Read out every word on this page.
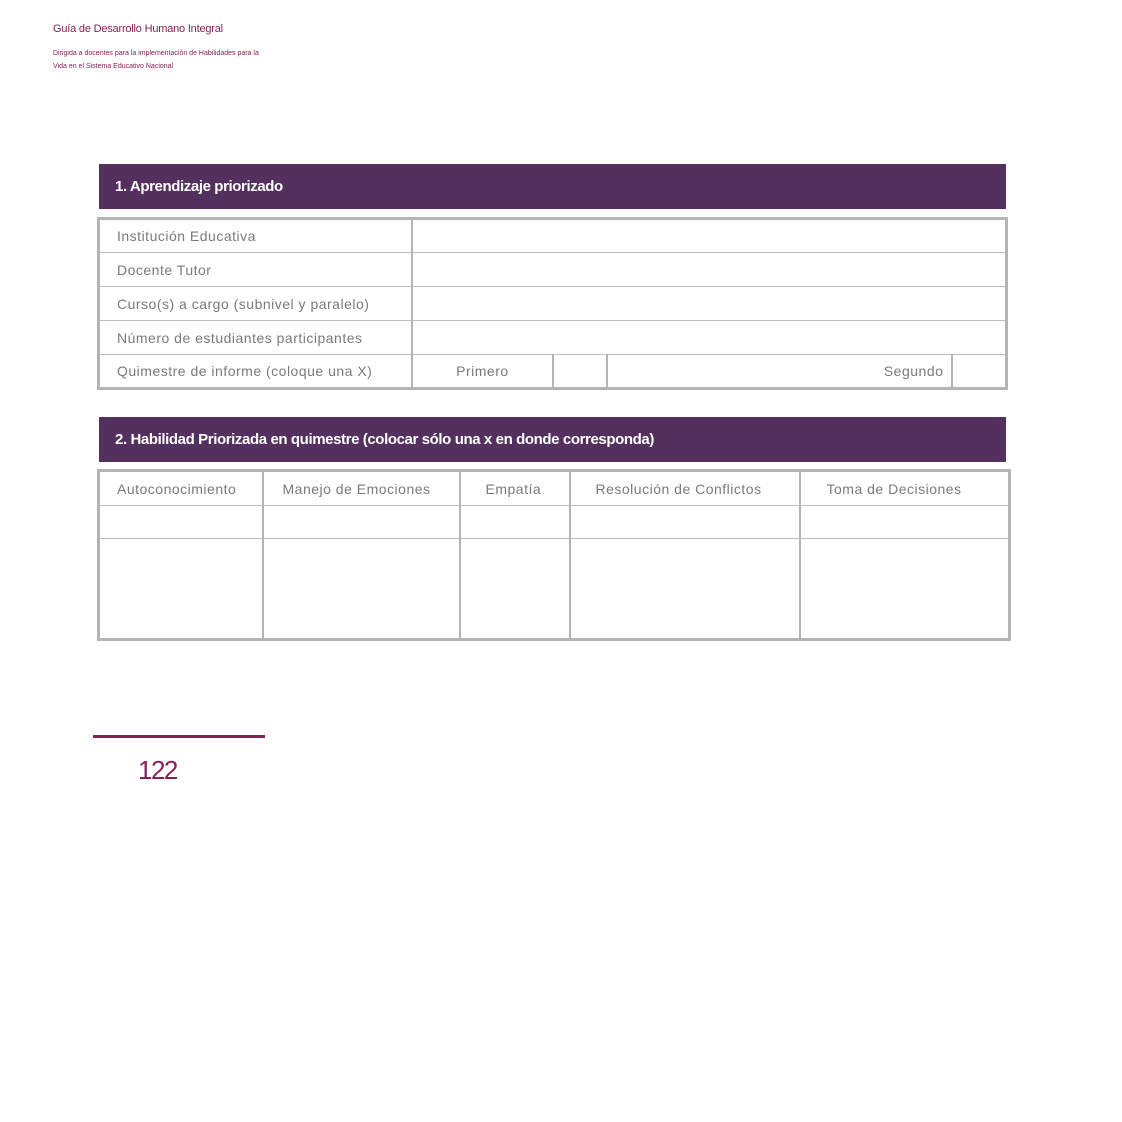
Guía de Desarrollo Humano Integral
Dirigida a docentes para la implementación de Habilidades para la
Vida en el Sistema Educativo Nacional
1. Aprendizaje priorizado
Institución Educativa				
Docente Tutor				
Curso(s) a cargo (subnivel y paralelo)				
Número de estudiantes participantes				
Quimestre de informe (coloque una X)	Primero		Segundo	
2. Habilidad Priorizada en quimestre (colocar sólo una x en donde corresponda)
Autoconocimiento	Manejo de Emociones	Empatía	Resolución de Conflictos	Toma de Decisiones

122
